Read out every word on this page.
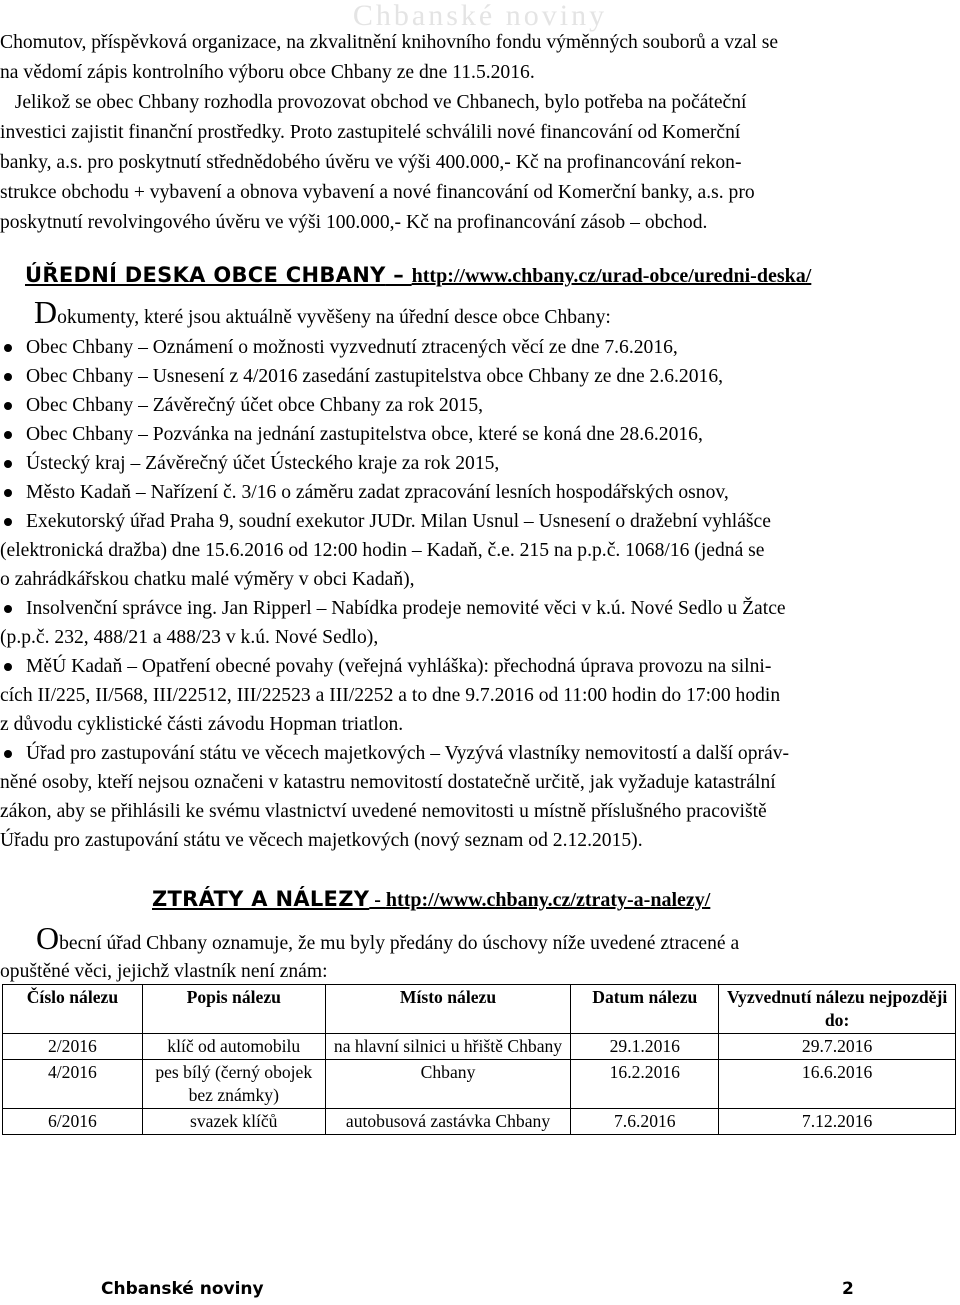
Chbanské noviny
Chomutov, příspěvková organizace, na zkvalitnění knihovního fondu výměnných souborů a vzal se
na vědomí zápis kontrolního výboru obce Chbany ze dne 11.5.2016.
Jelikož se obec Chbany rozhodla provozovat obchod ve Chbanech, bylo potřeba na počáteční
investici zajistit finanční prostředky. Proto zastupitelé schválili nové financování od Komerční
banky, a.s. pro poskytnutí střednědobého úvěru ve výši 400.000,- Kč na profinancování rekon-
strukce obchodu + vybavení a obnova vybavení a nové financování od Komerční banky, a.s. pro
poskytnutí revolvingového úvěru ve výši 100.000,- Kč na profinancování zásob – obchod.
ÚŘEDNÍ DESKA OBCE CHBANY – http://www.chbany.cz/urad-obce/uredni-deska/

Dokumenty, které jsou aktuálně vyvěšeny na úřední desce obce Chbany:

Obec Chbany – Oznámení o možnosti vyzvednutí ztracených věcí ze dne 7.6.2016,
Obec Chbany – Usnesení z 4/2016 zasedání zastupitelstva obce Chbany ze dne 2.6.2016,
Obec Chbany – Závěrečný účet obce Chbany za rok 2015,
Obec Chbany – Pozvánka na jednání zastupitelstva obce, které se koná dne 28.6.2016,
Ústecký kraj – Závěrečný účet Ústeckého kraje za rok 2015,
Město Kadaň – Nařízení č. 3/16 o záměru zadat zpracování lesních hospodářských osnov,
Exekutorský úřad Praha 9, soudní exekutor JUDr. Milan Usnul – Usnesení o dražební vyhlášce
(elektronická dražba) dne 15.6.2016 od 12:00 hodin – Kadaň, č.e. 215 na p.p.č. 1068/16 (jedná se
o zahrádkářskou chatku malé výměry v obci Kadaň),
Insolvenční správce ing. Jan Ripperl – Nabídka prodeje nemovité věci v k.ú. Nové Sedlo u Žatce
(p.p.č. 232, 488/21 a 488/23 v k.ú. Nové Sedlo),
MěÚ Kadaň – Opatření obecné povahy (veřejná vyhláška): přechodná úprava provozu na silni-
cích II/225, II/568, III/22512, III/22523 a III/2252 a to dne 9.7.2016 od 11:00 hodin do 17:00 hodin
z důvodu cyklistické části závodu Hopman triatlon.
Úřad pro zastupování státu ve věcech majetkových – Vyzývá vlastníky nemovitostí a další opráv-
něné osoby, kteří nejsou označeni v katastru nemovitostí dostatečně určitě, jak vyžaduje katastrální
zákon, aby se přihlásili ke svému vlastnictví uvedené nemovitosti u místně příslušného pracoviště
Úřadu pro zastupování státu ve věcech majetkových (nový seznam od 2.12.2015).
ZTRÁTY A NÁLEZY - http://www.chbany.cz/ztraty-a-nalezy/

Obecní úřad Chbany oznamuje, že mu byly předány do úschovy níže uvedené ztracené a
opuštěné věci, jejichž vlastník není znám:

Číslo nálezu	Popis nálezu	Místo nálezu	Datum nálezu	Vyzvednutí nálezu nejpozději do:
2/2016	klíč od automobilu	na hlavní silnici u hřiště Chbany	29.1.2016	29.7.2016
4/2016	pes bílý (černý obojek bez známky)	Chbany	16.2.2016	16.6.2016
6/2016	svazek klíčů	autobusová zastávka Chbany	7.6.2016	7.12.2016
Chbanské noviny	2
